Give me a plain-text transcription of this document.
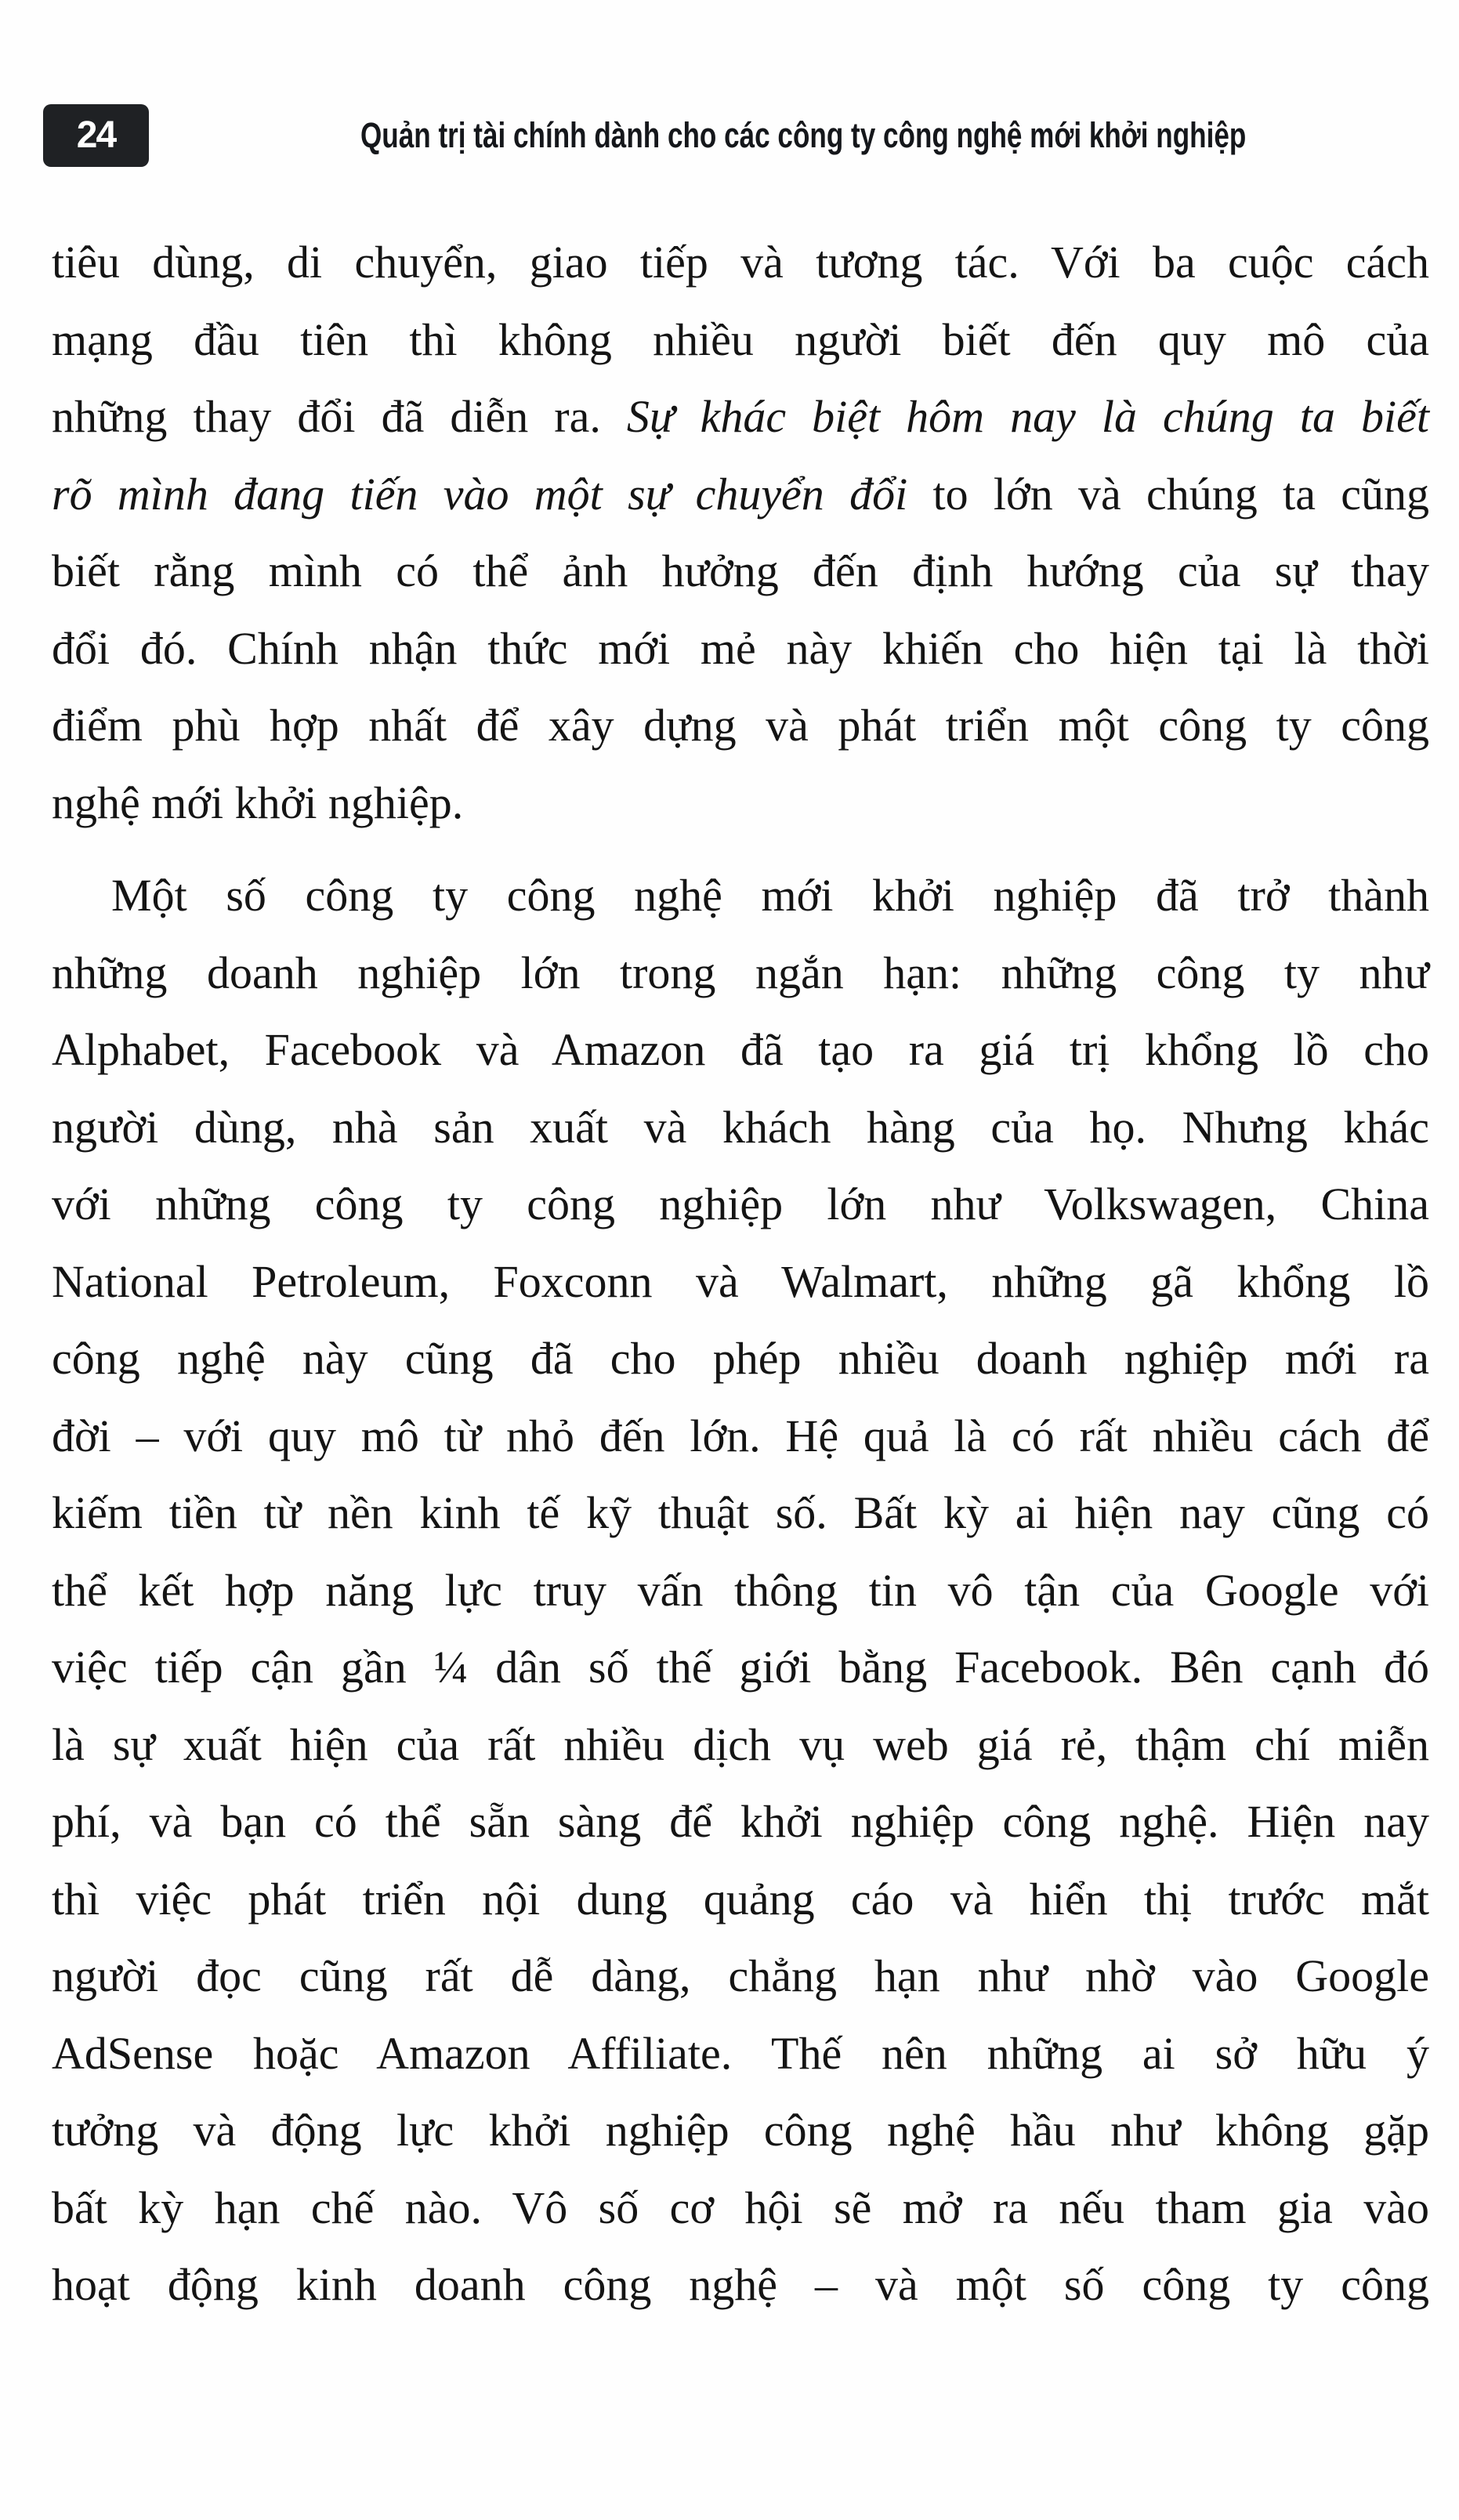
24	Quản trị tài chính dành cho các công ty công nghệ mới khởi nghiệp
tiêu dùng, di chuyển, giao tiếp và tương tác. Với ba cuộc cách
mạng đầu tiên thì không nhiều người biết đến quy mô của
những thay đổi đã diễn ra. Sự khác biệt hôm nay là chúng ta biết
rõ mình đang tiến vào một sự chuyển đổi to lớn và chúng ta cũng
biết rằng mình có thể ảnh hưởng đến định hướng của sự thay
đổi đó. Chính nhận thức mới mẻ này khiến cho hiện tại là thời
điểm phù hợp nhất để xây dựng và phát triển một công ty công
nghệ mới khởi nghiệp.
Một số công ty công nghệ mới khởi nghiệp đã trở thành
những doanh nghiệp lớn trong ngắn hạn: những công ty như
Alphabet, Facebook và Amazon đã tạo ra giá trị khổng lồ cho
người dùng, nhà sản xuất và khách hàng của họ. Nhưng khác
với những công ty công nghiệp lớn như Volkswagen, China
National Petroleum, Foxconn và Walmart, những gã khổng lồ
công nghệ này cũng đã cho phép nhiều doanh nghiệp mới ra
đời – với quy mô từ nhỏ đến lớn. Hệ quả là có rất nhiều cách để
kiếm tiền từ nền kinh tế kỹ thuật số. Bất kỳ ai hiện nay cũng có
thể kết hợp năng lực truy vấn thông tin vô tận của Google với
việc tiếp cận gần ¼ dân số thế giới bằng Facebook. Bên cạnh đó
là sự xuất hiện của rất nhiều dịch vụ web giá rẻ, thậm chí miễn
phí, và bạn có thể sẵn sàng để khởi nghiệp công nghệ. Hiện nay
thì việc phát triển nội dung quảng cáo và hiển thị trước mắt
người đọc cũng rất dễ dàng, chẳng hạn như nhờ vào Google
AdSense hoặc Amazon Affiliate. Thế nên những ai sở hữu ý
tưởng và động lực khởi nghiệp công nghệ hầu như không gặp
bất kỳ hạn chế nào. Vô số cơ hội sẽ mở ra nếu tham gia vào
hoạt động kinh doanh công nghệ – và một số công ty công
